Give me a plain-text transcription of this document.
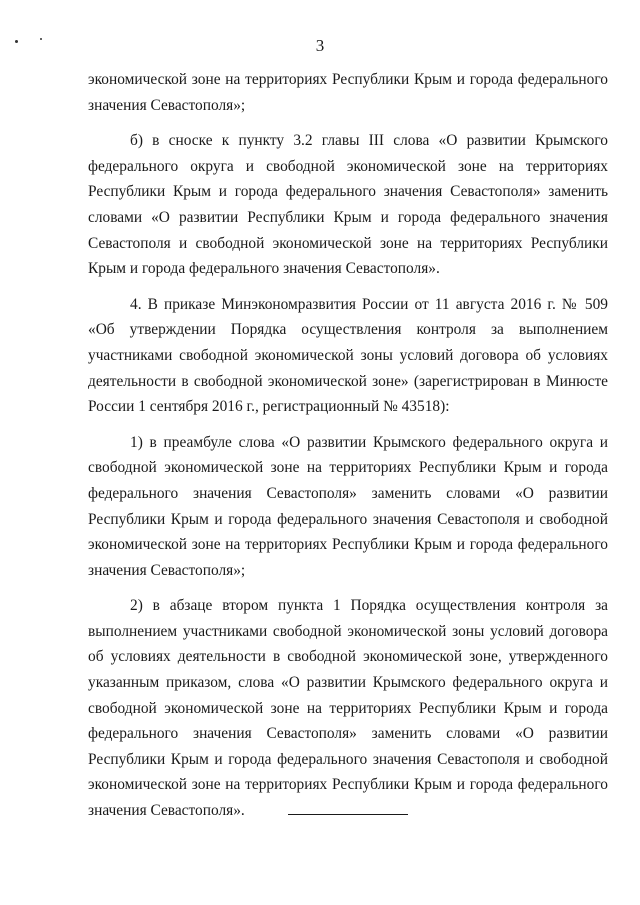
3

экономической зоне на территориях Республики Крым и города федерального значения Севастополя»;

б) в сноске к пункту 3.2 главы III слова «О развитии Крымского федерального округа и свободной экономической зоне на территориях Республики Крым и города федерального значения Севастополя» заменить словами «О развитии Республики Крым и города федерального значения Севастополя и свободной экономической зоне на территориях Республики Крым и города федерального значения Севастополя».

4. В приказе Минэкономразвития России от 11 августа 2016 г. № 509 «Об утверждении Порядка осуществления контроля за выполнением участниками свободной экономической зоны условий договора об условиях деятельности в свободной экономической зоне» (зарегистрирован в Минюсте России 1 сентября 2016 г., регистрационный № 43518):

1) в преамбуле слова «О развитии Крымского федерального округа и свободной экономической зоне на территориях Республики Крым и города федерального значения Севастополя» заменить словами «О развитии Республики Крым и города федерального значения Севастополя и свободной экономической зоне на территориях Республики Крым и города федерального значения Севастополя»;

2) в абзаце втором пункта 1 Порядка осуществления контроля за выполнением участниками свободной экономической зоны условий договора об условиях деятельности в свободной экономической зоне, утвержденного указанным приказом, слова «О развитии Крымского федерального округа и свободной экономической зоне на территориях Республики Крым и города федерального значения Севастополя» заменить словами «О развитии Республики Крым и города федерального значения Севастополя и свободной экономической зоне на территориях Республики Крым и города федерального значения Севастополя».
